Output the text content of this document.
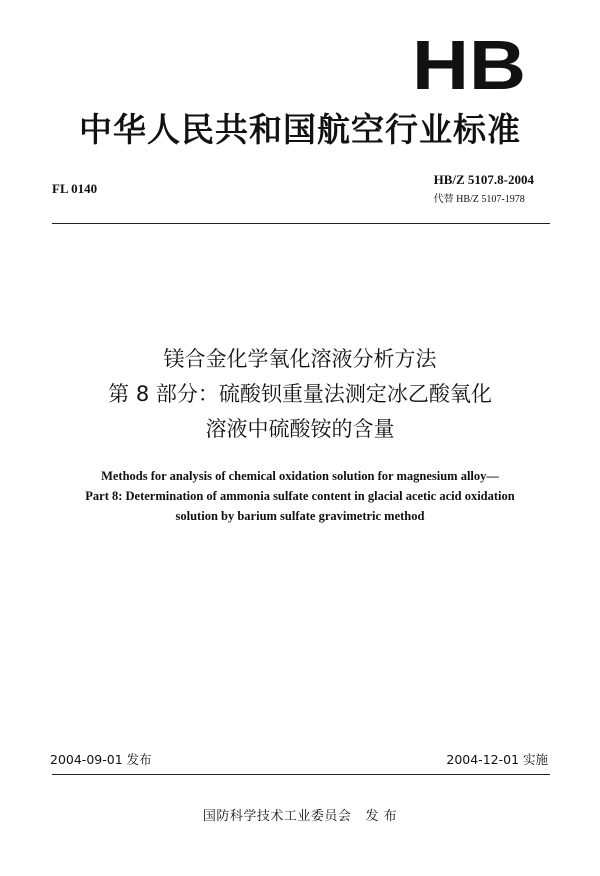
HB
中华人民共和国航空行业标准
FL 0140
HB/Z 5107.8-2004
代替 HB/Z 5107-1978
镁合金化学氧化溶液分析方法
第 8 部分：硫酸钡重量法测定冰乙酸氧化
溶液中硫酸铵的含量
Methods for analysis of chemical oxidation solution for magnesium alloy—
Part 8: Determination of ammonia sulfate content in glacial acetic acid oxidation
solution by barium sulfate gravimetric method
2004-09-01 发布	2004-12-01 实施
国防科学技术工业委员会 发 布
